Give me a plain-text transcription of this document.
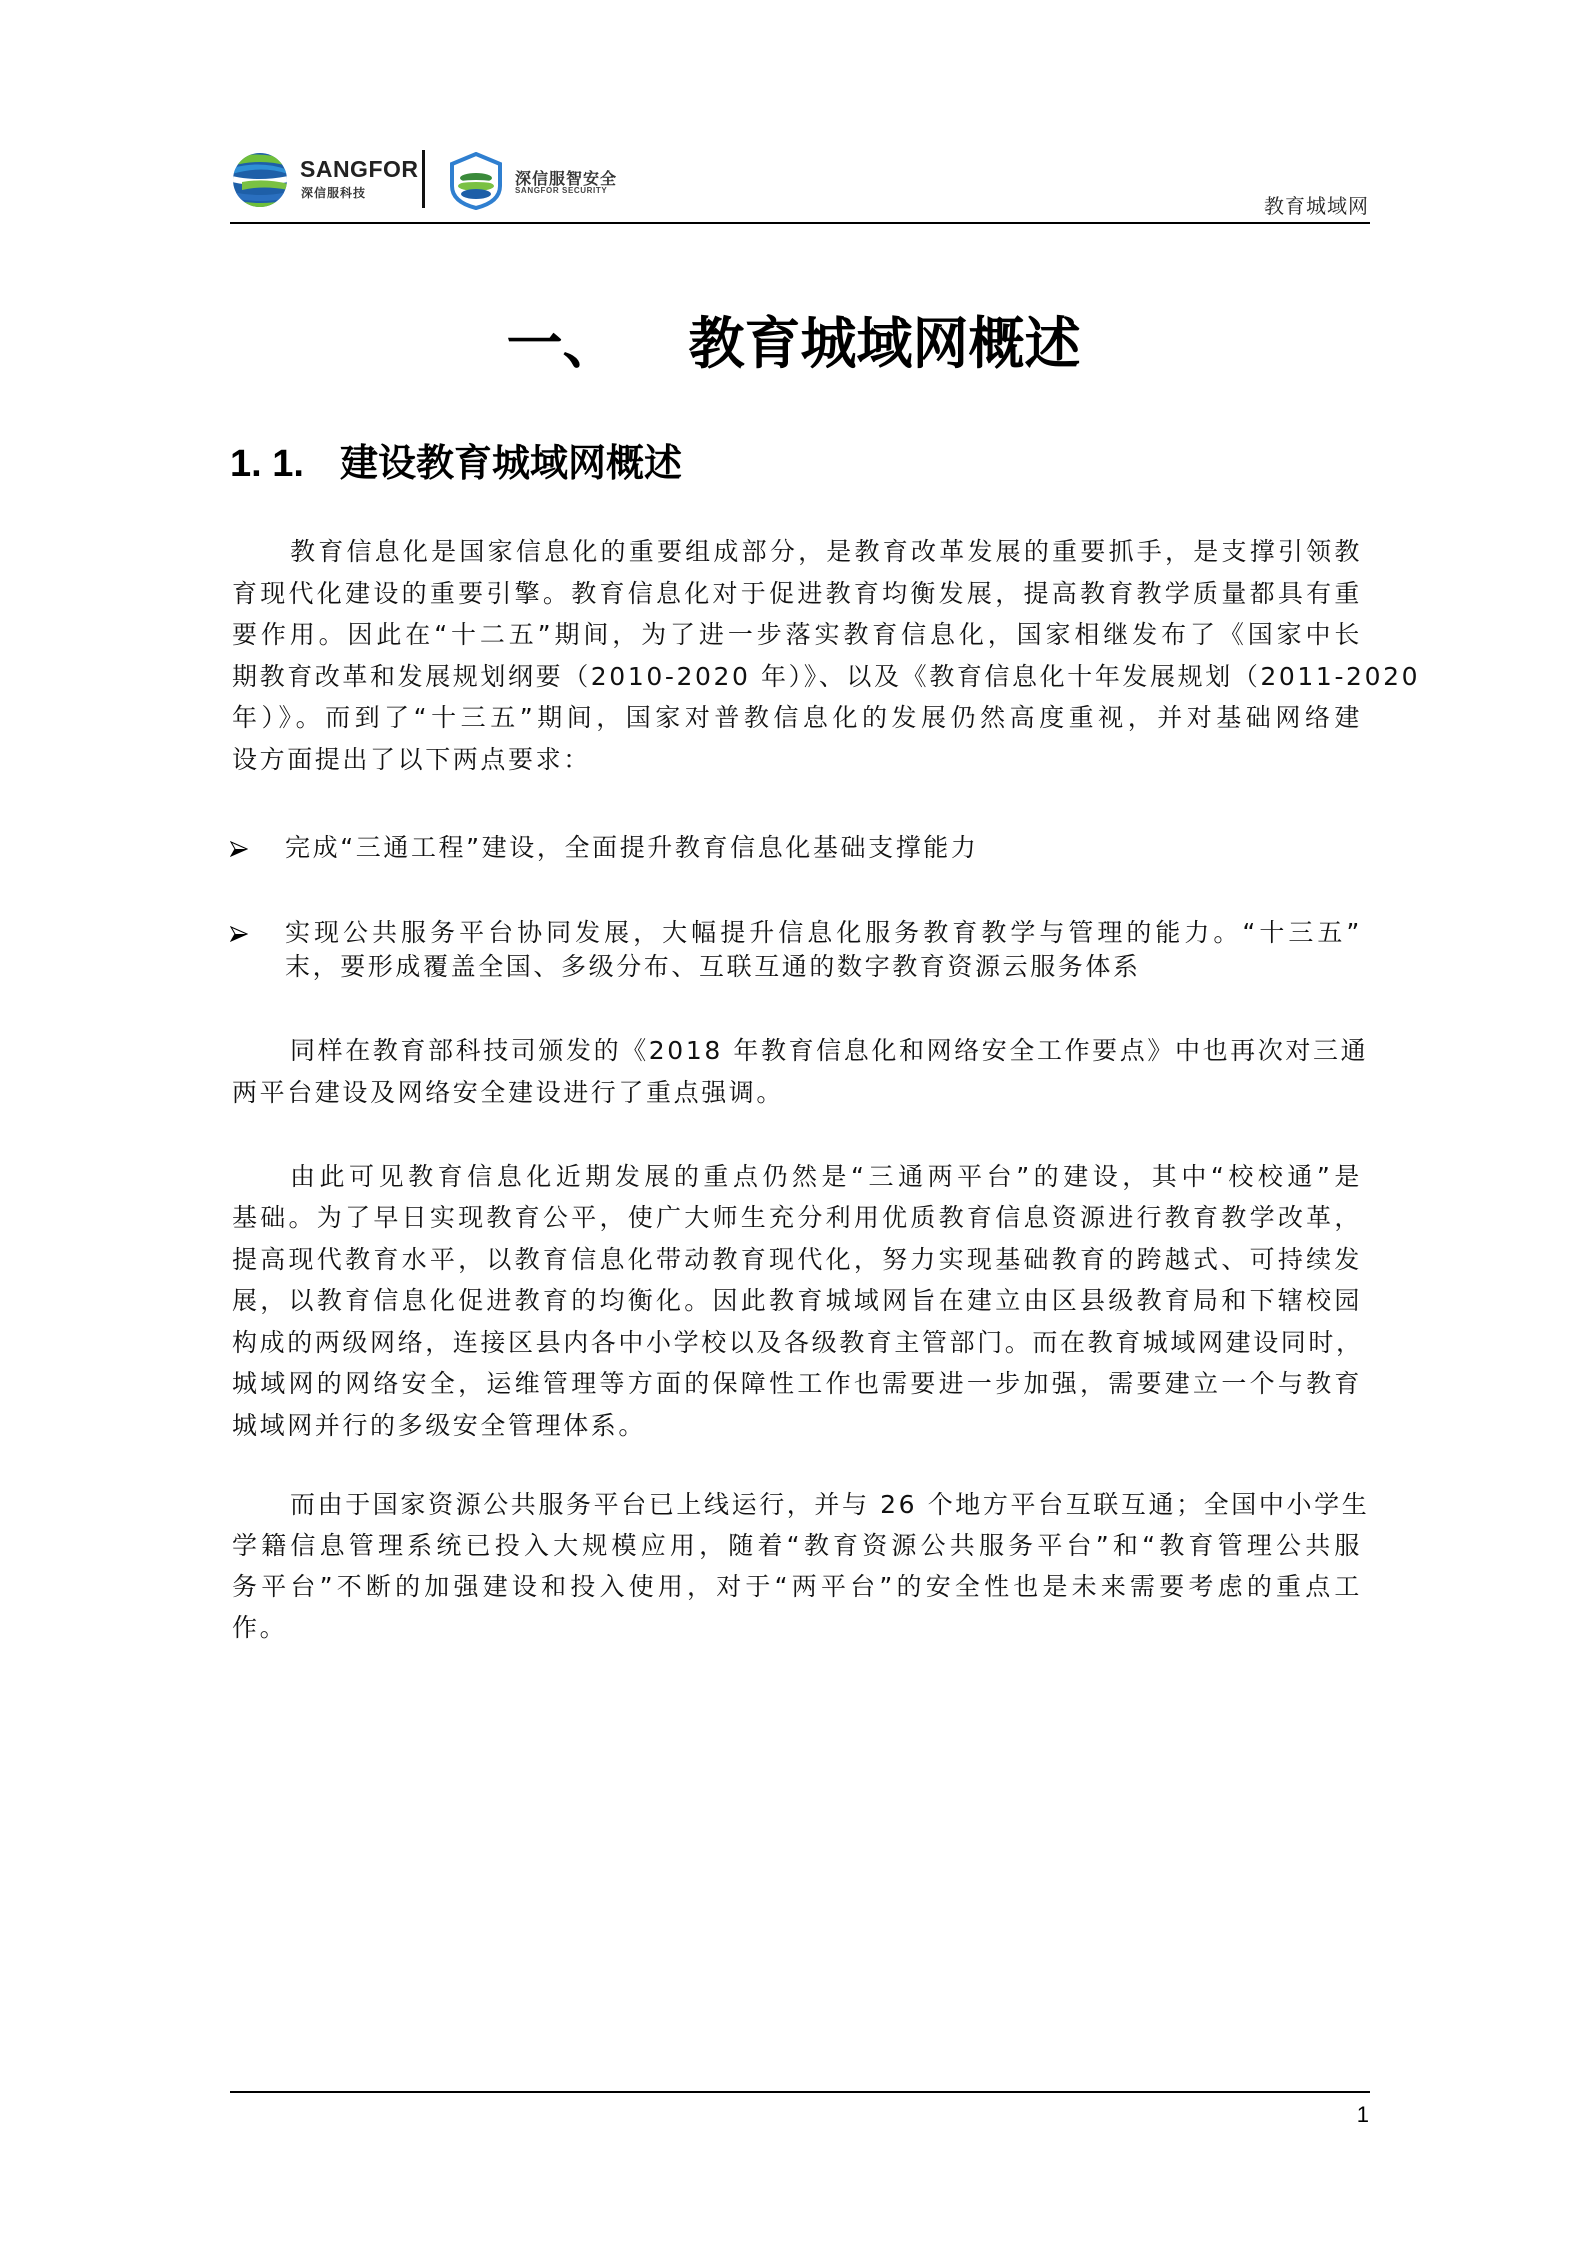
SANGFOR
深信服科技
深信服智安全
SANGFOR SECURITY
教育城域网
一、 教育城域网概述
1. 1. 建设教育城域网概述
教育信息化是国家信息化的重要组成部分，是教育改革发展的重要抓手，是支撑引领教
育现代化建设的重要引擎。教育信息化对于促进教育均衡发展，提高教育教学质量都具有重
要作用。因此在“十二五”期间，为了进一步落实教育信息化，国家相继发布了《国家中长
期教育改革和发展规划纲要（2010-2020 年）》、以及《教育信息化十年发展规划（2011-2020
年）》。而到了“十三五”期间，国家对普教信息化的发展仍然高度重视，并对基础网络建
设方面提出了以下两点要求：
完成“三通工程”建设，全面提升教育信息化基础支撑能力
实现公共服务平台协同发展，大幅提升信息化服务教育教学与管理的能力。“十三五”
末，要形成覆盖全国、多级分布、互联互通的数字教育资源云服务体系
同样在教育部科技司颁发的《2018 年教育信息化和网络安全工作要点》中也再次对三通
两平台建设及网络安全建设进行了重点强调。
由此可见教育信息化近期发展的重点仍然是“三通两平台”的建设，其中“校校通”是
基础。为了早日实现教育公平，使广大师生充分利用优质教育信息资源进行教育教学改革，
提高现代教育水平，以教育信息化带动教育现代化，努力实现基础教育的跨越式、可持续发
展，以教育信息化促进教育的均衡化。因此教育城域网旨在建立由区县级教育局和下辖校园
构成的两级网络，连接区县内各中小学校以及各级教育主管部门。而在教育城域网建设同时，
城域网的网络安全，运维管理等方面的保障性工作也需要进一步加强，需要建立一个与教育
城域网并行的多级安全管理体系。
而由于国家资源公共服务平台已上线运行，并与 26 个地方平台互联互通；全国中小学生
学籍信息管理系统已投入大规模应用，随着“教育资源公共服务平台”和“教育管理公共服
务平台”不断的加强建设和投入使用，对于“两平台”的安全性也是未来需要考虑的重点工
作。
1
